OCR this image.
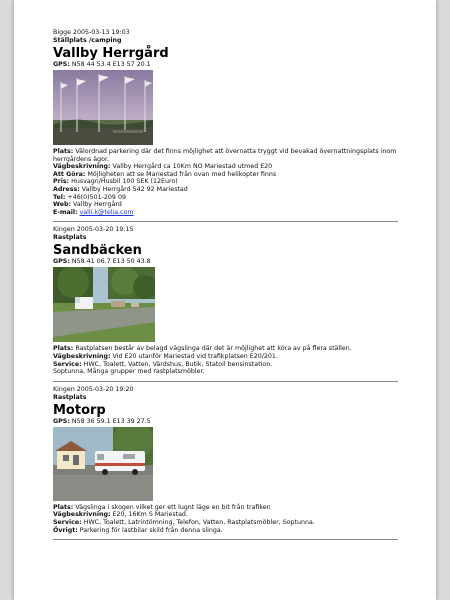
Bigge 2005-03-13 19:03
Ställplats /camping
Vallby Herrgård
GPS: N58 44 53.4 E13 57 20.1
Plats: Välordnad parkering där det finns möjlighet att övernatta tryggt vid bevakad övernattningsplats inom herrgårdens ägor.
Vägbeskrivning: Vallby Herrgård ca 10Km NO Mariestad utmed E20
Att Göra: Möjligheten att se Mariestad från ovan med helikopter finns
Pris: Husvagn/Husbil 100 SEK (12Euro)
Adress: Vallby Herrgård 542 92 Mariestad
Tel: +46(0)501-209 09
Web: Vallby Herrgård
E-mail: valli.k@telia.com
Kingen 2005-03-20 19:15
Rastplats
Sandbäcken
GPS: N58 41 06.7 E13 50 43.8
Plats: Rastplatsen består av belagd vägslinga där det är möjlighet att köra av på flera ställen.
Vägbeskrivning: Vid E20 utanför Mariestad vid trafikplatsen E20/201.
Service: HWC, Toalett, Vatten, Värdshus, Butik, Statoil bensinstation.
Soptunna, Många grupper med rastplatsmöbler.
Kingen 2005-03-20 19:20
Rastplats
Motorp
GPS: N58 36 59.1 E13 39 27.5
Plats: Vägslinga i skogen vilket ger ett lugnt läge en bit från trafiken
Vägbeskrivning: E20, 16Km S Mariestad.
Service: HWC, Toalett, Latrintömning, Telefon, Vatten, Rastplatsmöbler, Soptunna.
Övrigt: Parkering för lastbilar skild från denna slinga.
